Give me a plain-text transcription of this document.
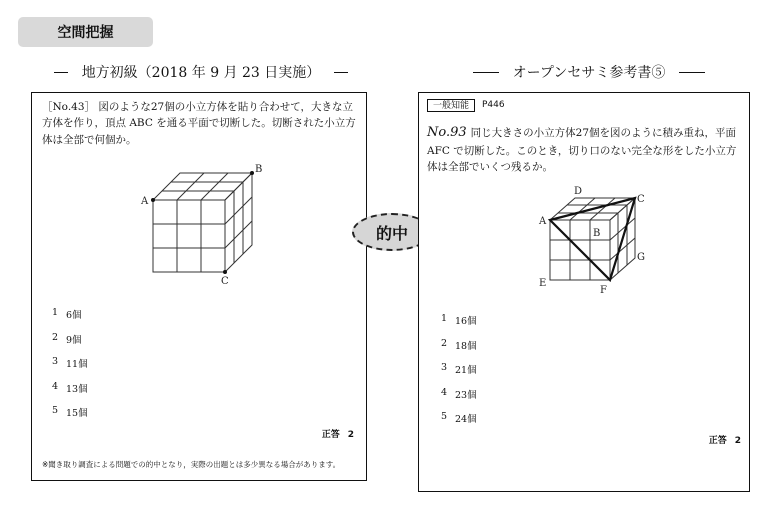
空間把握
地方初級（2018 年 9 月 23 日実施）	オープンセサミ参考書⑤
［No.43］ 図のような27個の小立方体を貼り合わせて，大きな立方体を作り，頂点 ABC を通る平面で切断した。切断された小立方体は全部で何個か。
1 6個
2 9個
3 11個
4 13個
5 15個
正答 2
※聞き取り調査による問題での的中となり，実際の出題とは多少異なる場合があります。
A
B
C
的中
一般知能	P446
No.93 同じ大きさの小立方体27個を図のように積み重ね，平面 AFC で切断した。このとき，切り口のない完全な形をした小立方体は全部でいくつ残るか。
1 16個
2 18個
3 21個
4 23個
5 24個
正答 2
D
C
A
B
G
E
F
